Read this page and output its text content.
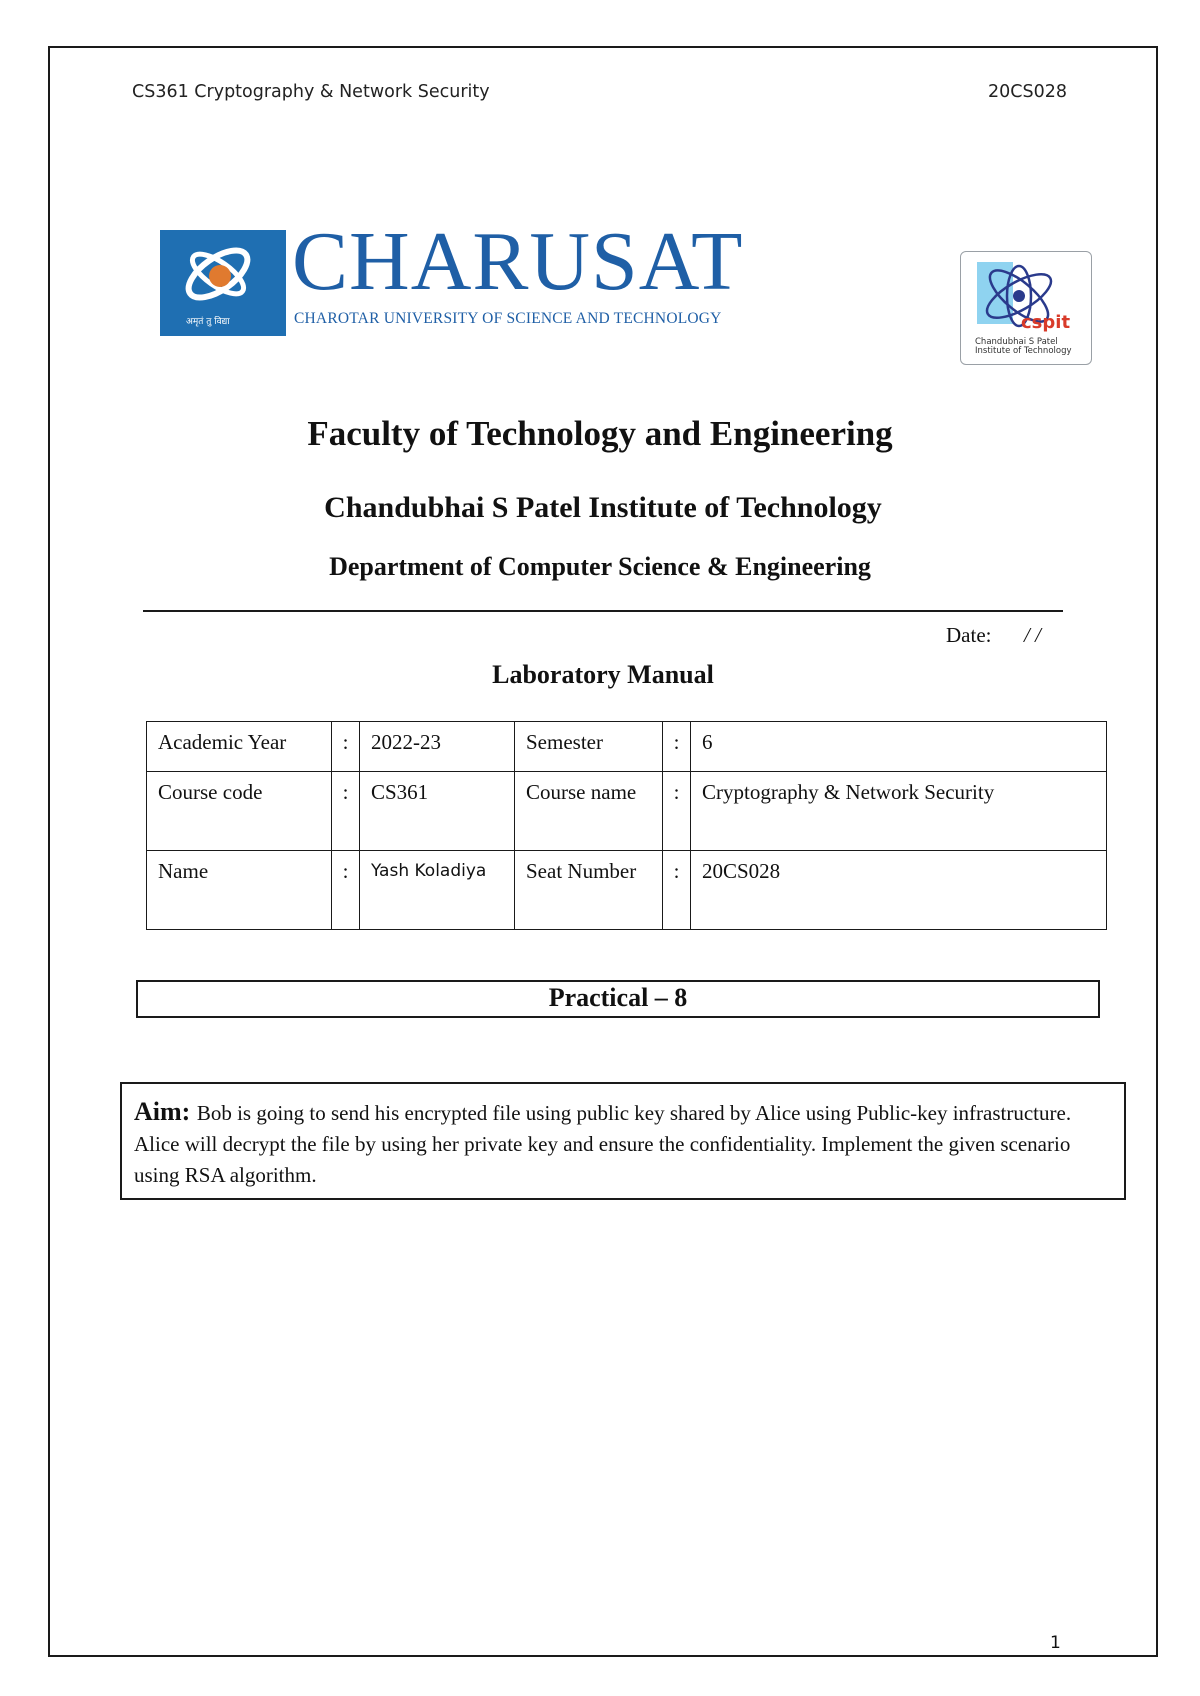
CS361 Cryptography & Network Security	20CS028
अमृतं तु विद्या
CHARUSAT
CHAROTAR UNIVERSITY OF SCIENCE AND TECHNOLOGY	cspit
Chandubhai S Patel
Institute of Technology
Faculty of Technology and Engineering
Chandubhai S Patel Institute of Technology
Department of Computer Science & Engineering
Date: / /
Laboratory Manual
Academic Year	:	2022-23	Semester	:	6
Course code	:	CS361	Course name	:	Cryptography & Network Security
Name	:	Yash Koladiya	Seat Number	:	20CS028
Practical – 8
Aim: Bob is going to send his encrypted file using public key shared by Alice using Public-key infrastructure. Alice will decrypt the file by using her private key and ensure the confidentiality. Implement the given scenario using RSA algorithm.
1
